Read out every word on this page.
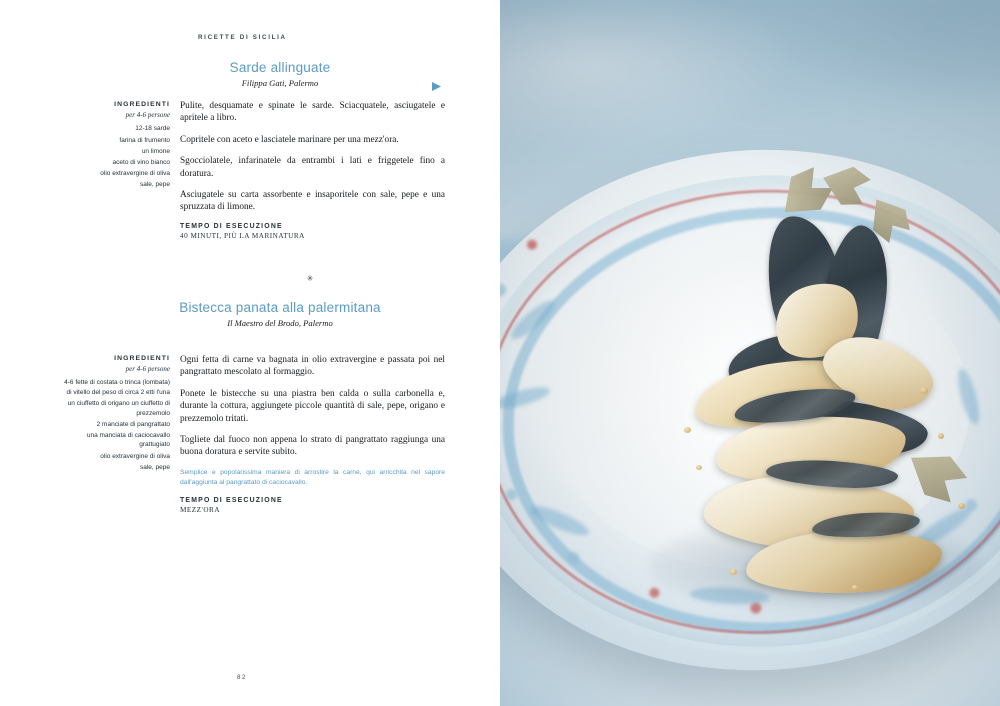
RICETTE DI SICILIA
Sarde allinguate
Filippa Gati, Palermo
INGREDIENTI
per 4-6 persone
12-18 sarde
farina di frumento
un limone
aceto di vino bianco
olio extravergine di oliva
sale, pepe

Pulite, desquamate e spinate le sarde. Sciacquatele, asciugatele e apritele a libro.

Copritele con aceto e lasciatele marinare per una mezz'ora.

Sgocciolatele, infarinatele da entrambi i lati e friggetele fino a doratura.

Asciugatele su carta assorbente e insaporitele con sale, pepe e una spruzzata di limone.

TEMPO DI ESECUZIONE
40 MINUTI, PIÙ LA MARINATURA
✳
Bistecca panata alla palermitana
Il Maestro del Brodo, Palermo
INGREDIENTI
per 4-6 persone
4-6 fette di costata o trinca (lombata) di vitello del peso di circa 2 etti l'una
un ciuffetto di origano un ciuffetto di prezzemolo
2 manciate di pangrattato
una manciata di caciocavallo grattugiato
olio extravergine di oliva
sale, pepe

Ogni fetta di carne va bagnata in olio extravergine e passata poi nel pangrattato mescolato al formaggio.

Ponete le bistecche su una piastra ben calda o sulla carbonella e, durante la cottura, aggiungete piccole quantità di sale, pepe, origano e prezzemolo tritati.

Togliete dal fuoco non appena lo strato di pangrattato raggiunga una buona doratura e servite subito.

Semplice e popolarissima maniera di arrostire la carne, qui arricchita nel sapore dall'aggiunta al pangrattato di caciocavallo.

TEMPO DI ESECUZIONE
MEZZ'ORA
82
